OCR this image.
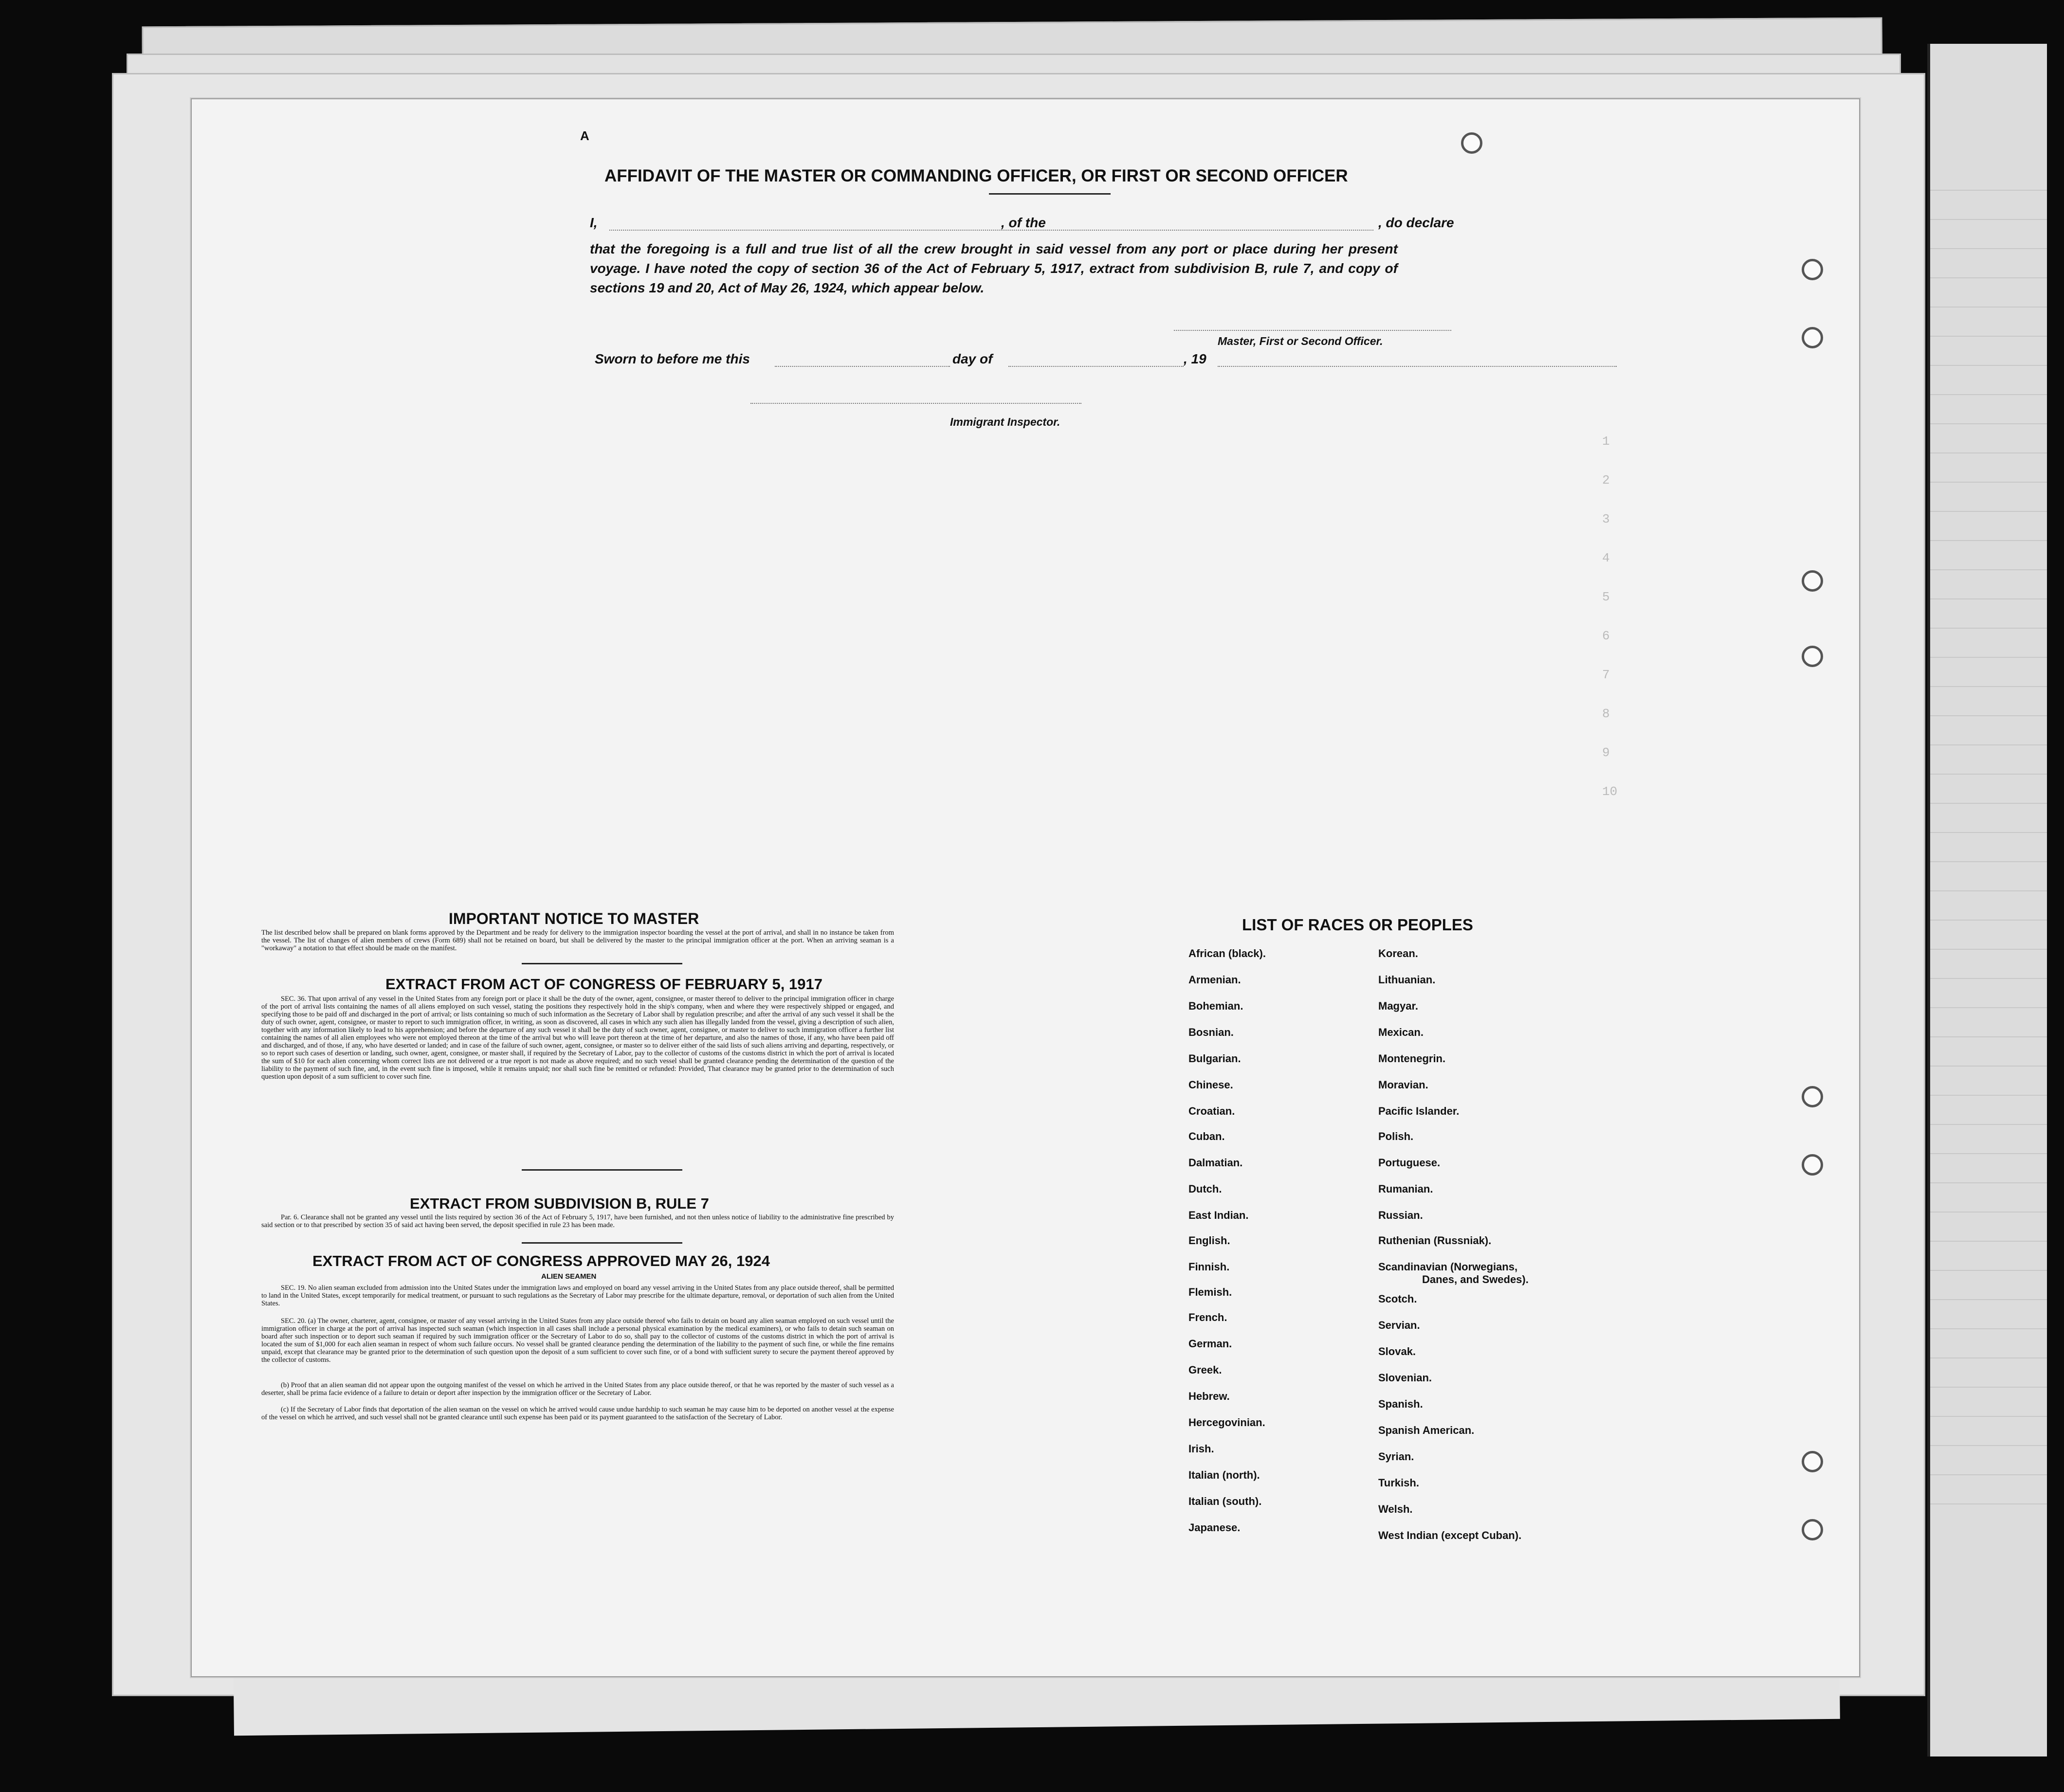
1
2
3
4
5
6
7
8
9
10
A
AFFIDAVIT OF THE MASTER OR COMMANDING OFFICER, OR FIRST OR SECOND OFFICER
I,	, of the	, do declare
that the foregoing is a full and true list of all the crew brought in said vessel from any port or place during her present voyage. I have noted the copy of section 36 of the Act of February 5, 1917, extract from subdivision B, rule 7, and copy of sections 19 and 20, Act of May 26, 1924, which appear below.
Master, First or Second Officer.
Sworn to before me this	day of	, 19
Immigrant Inspector.
IMPORTANT NOTICE TO MASTER
The list described below shall be prepared on blank forms approved by the Department and be ready for delivery to the immigration inspector boarding the vessel at the port of arrival, and shall in no instance be taken from the vessel. The list of changes of alien members of crews (Form 689) shall not be retained on board, but shall be delivered by the master to the principal immigration officer at the port. When an arriving seaman is a "workaway" a notation to that effect should be made on the manifest.
EXTRACT FROM ACT OF CONGRESS OF FEBRUARY 5, 1917
SEC. 36. That upon arrival of any vessel in the United States from any foreign port or place it shall be the duty of the owner, agent, consignee, or master thereof to deliver to the principal immigration officer in charge of the port of arrival lists containing the names of all aliens employed on such vessel, stating the positions they respectively hold in the ship's company, when and where they were respectively shipped or engaged, and specifying those to be paid off and discharged in the port of arrival; or lists containing so much of such information as the Secretary of Labor shall by regulation prescribe; and after the arrival of any such vessel it shall be the duty of such owner, agent, consignee, or master to report to such immigration officer, in writing, as soon as discovered, all cases in which any such alien has illegally landed from the vessel, giving a description of such alien, together with any information likely to lead to his apprehension; and before the departure of any such vessel it shall be the duty of such owner, agent, consignee, or master to deliver to such immigration officer a further list containing the names of all alien employees who were not employed thereon at the time of the arrival but who will leave port thereon at the time of her departure, and also the names of those, if any, who have been paid off and discharged, and of those, if any, who have deserted or landed; and in case of the failure of such owner, agent, consignee, or master so to deliver either of the said lists of such aliens arriving and departing, respectively, or so to report such cases of desertion or landing, such owner, agent, consignee, or master shall, if required by the Secretary of Labor, pay to the collector of customs of the customs district in which the port of arrival is located the sum of $10 for each alien concerning whom correct lists are not delivered or a true report is not made as above required; and no such vessel shall be granted clearance pending the determination of the question of the liability to the payment of such fine, and, in the event such fine is imposed, while it remains unpaid; nor shall such fine be remitted or refunded: Provided, That clearance may be granted prior to the determination of such question upon deposit of a sum sufficient to cover such fine.
EXTRACT FROM SUBDIVISION B, RULE 7
Par. 6. Clearance shall not be granted any vessel until the lists required by section 36 of the Act of February 5, 1917, have been furnished, and not then unless notice of liability to the administrative fine prescribed by said section or to that prescribed by section 35 of said act having been served, the deposit specified in rule 23 has been made.
EXTRACT FROM ACT OF CONGRESS APPROVED MAY 26, 1924
ALIEN SEAMEN
SEC. 19. No alien seaman excluded from admission into the United States under the immigration laws and employed on board any vessel arriving in the United States from any place outside thereof, shall be permitted to land in the United States, except temporarily for medical treatment, or pursuant to such regulations as the Secretary of Labor may prescribe for the ultimate departure, removal, or deportation of such alien from the United States.
SEC. 20. (a) The owner, charterer, agent, consignee, or master of any vessel arriving in the United States from any place outside thereof who fails to detain on board any alien seaman employed on such vessel until the immigration officer in charge at the port of arrival has inspected such seaman (which inspection in all cases shall include a personal physical examination by the medical examiners), or who fails to detain such seaman on board after such inspection or to deport such seaman if required by such immigration officer or the Secretary of Labor to do so, shall pay to the collector of customs of the customs district in which the port of arrival is located the sum of $1,000 for each alien seaman in respect of whom such failure occurs. No vessel shall be granted clearance pending the determination of the liability to the payment of such fine, or while the fine remains unpaid, except that clearance may be granted prior to the determination of such question upon the deposit of a sum sufficient to cover such fine, or of a bond with sufficient surety to secure the payment thereof approved by the collector of customs.
(b) Proof that an alien seaman did not appear upon the outgoing manifest of the vessel on which he arrived in the United States from any place outside thereof, or that he was reported by the master of such vessel as a deserter, shall be prima facie evidence of a failure to detain or deport after inspection by the immigration officer or the Secretary of Labor.
(c) If the Secretary of Labor finds that deportation of the alien seaman on the vessel on which he arrived would cause undue hardship to such seaman he may cause him to be deported on another vessel at the expense of the vessel on which he arrived, and such vessel shall not be granted clearance until such expense has been paid or its payment guaranteed to the satisfaction of the Secretary of Labor.
LIST OF RACES OR PEOPLES
African (black).
Armenian.
Bohemian.
Bosnian.
Bulgarian.
Chinese.
Croatian.
Cuban.
Dalmatian.
Dutch.
East Indian.
English.
Finnish.
Flemish.
French.
German.
Greek.
Hebrew.
Hercegovinian.
Irish.
Italian (north).
Italian (south).
Japanese.
Korean.
Lithuanian.
Magyar.
Mexican.
Montenegrin.
Moravian.
Pacific Islander.
Polish.
Portuguese.
Rumanian.
Russian.
Ruthenian (Russniak).
Scandinavian (Norwegians,
Danes, and Swedes).
Scotch.
Servian.
Slovak.
Slovenian.
Spanish.
Spanish American.
Syrian.
Turkish.
Welsh.
West Indian (except Cuban).
